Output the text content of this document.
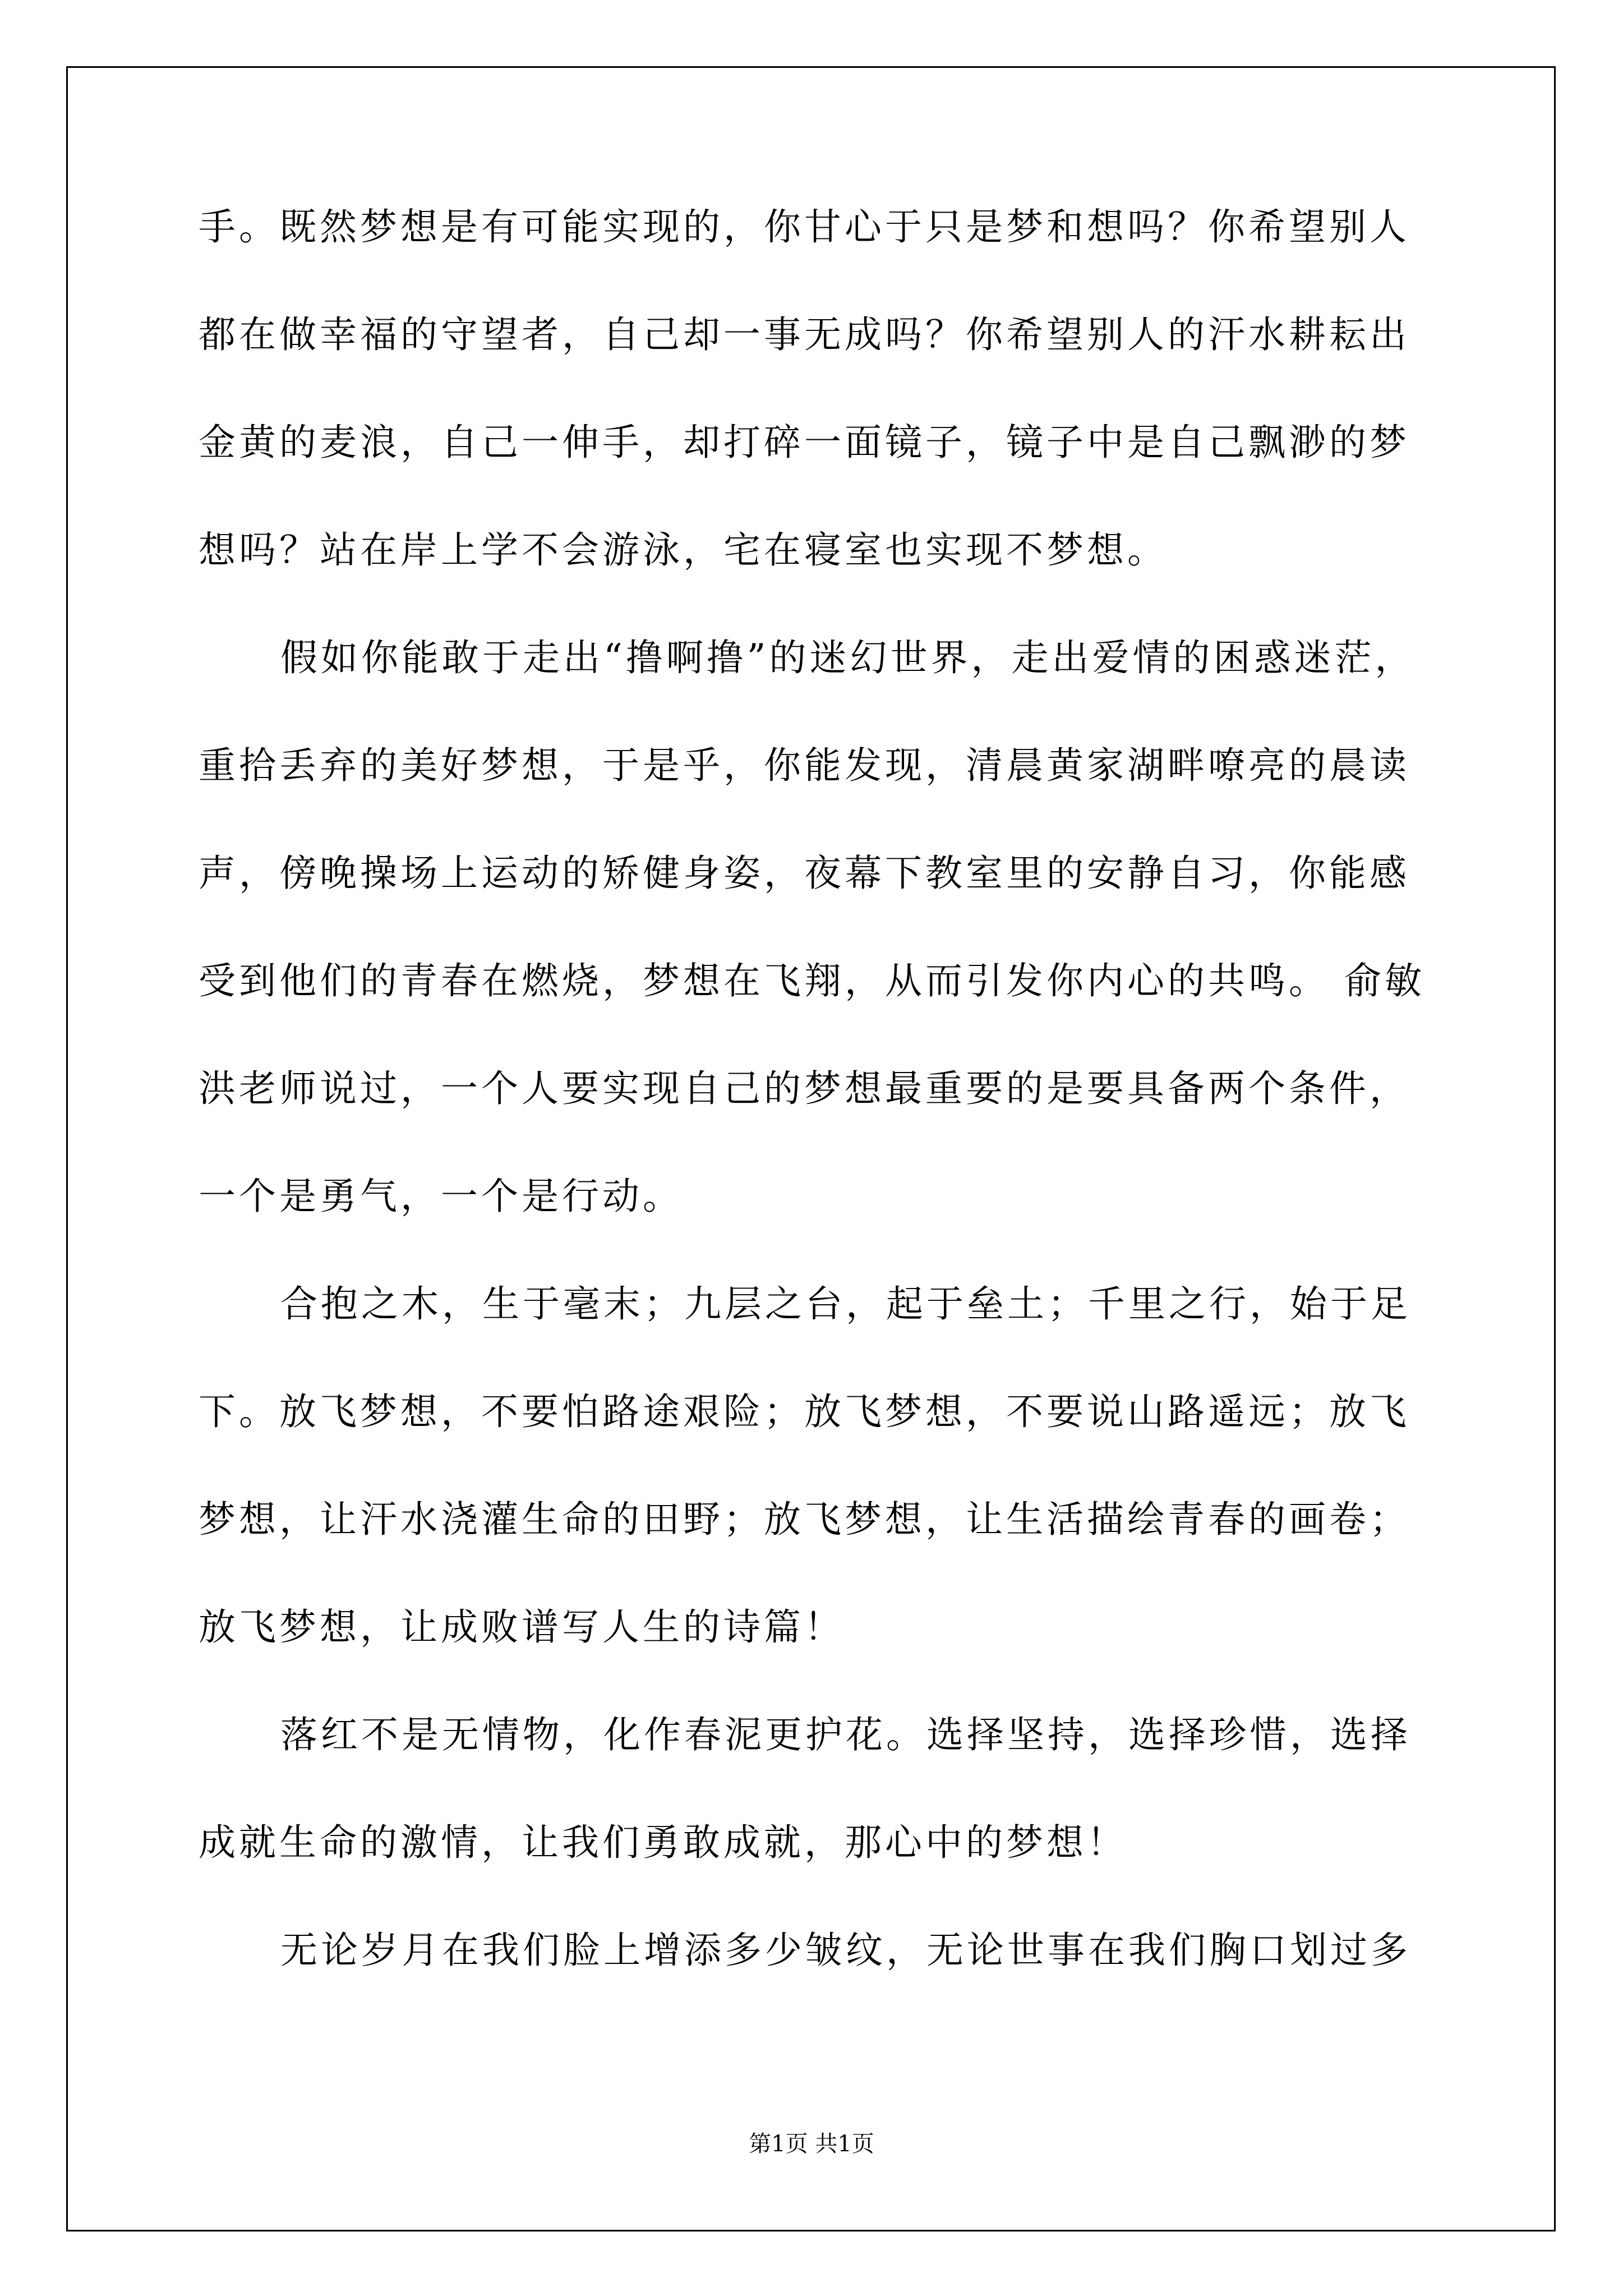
手。既然梦想是有可能实现的，你甘心于只是梦和想吗？你希望别人
都在做幸福的守望者，自己却一事无成吗？你希望别人的汗水耕耘出
金黄的麦浪，自己一伸手，却打碎一面镜子，镜子中是自己飘渺的梦
想吗？站在岸上学不会游泳，宅在寝室也实现不梦想。
假如你能敢于走出“撸啊撸”的迷幻世界，走出爱情的困惑迷茫，
重拾丢弃的美好梦想，于是乎，你能发现，清晨黄家湖畔嘹亮的晨读
声，傍晚操场上运动的矫健身姿，夜幕下教室里的安静自习，你能感
受到他们的青春在燃烧，梦想在飞翔，从而引发你内心的共鸣。 俞敏
洪老师说过，一个人要实现自己的梦想最重要的是要具备两个条件，
一个是勇气，一个是行动。
合抱之木，生于毫末；九层之台，起于垒土；千里之行，始于足
下。放飞梦想，不要怕路途艰险；放飞梦想，不要说山路遥远；放飞
梦想，让汗水浇灌生命的田野；放飞梦想，让生活描绘青春的画卷；
放飞梦想，让成败谱写人生的诗篇！
落红不是无情物，化作春泥更护花。选择坚持，选择珍惜，选择
成就生命的激情，让我们勇敢成就，那心中的梦想！
无论岁月在我们脸上增添多少皱纹，无论世事在我们胸口划过多
第1页 共1页
